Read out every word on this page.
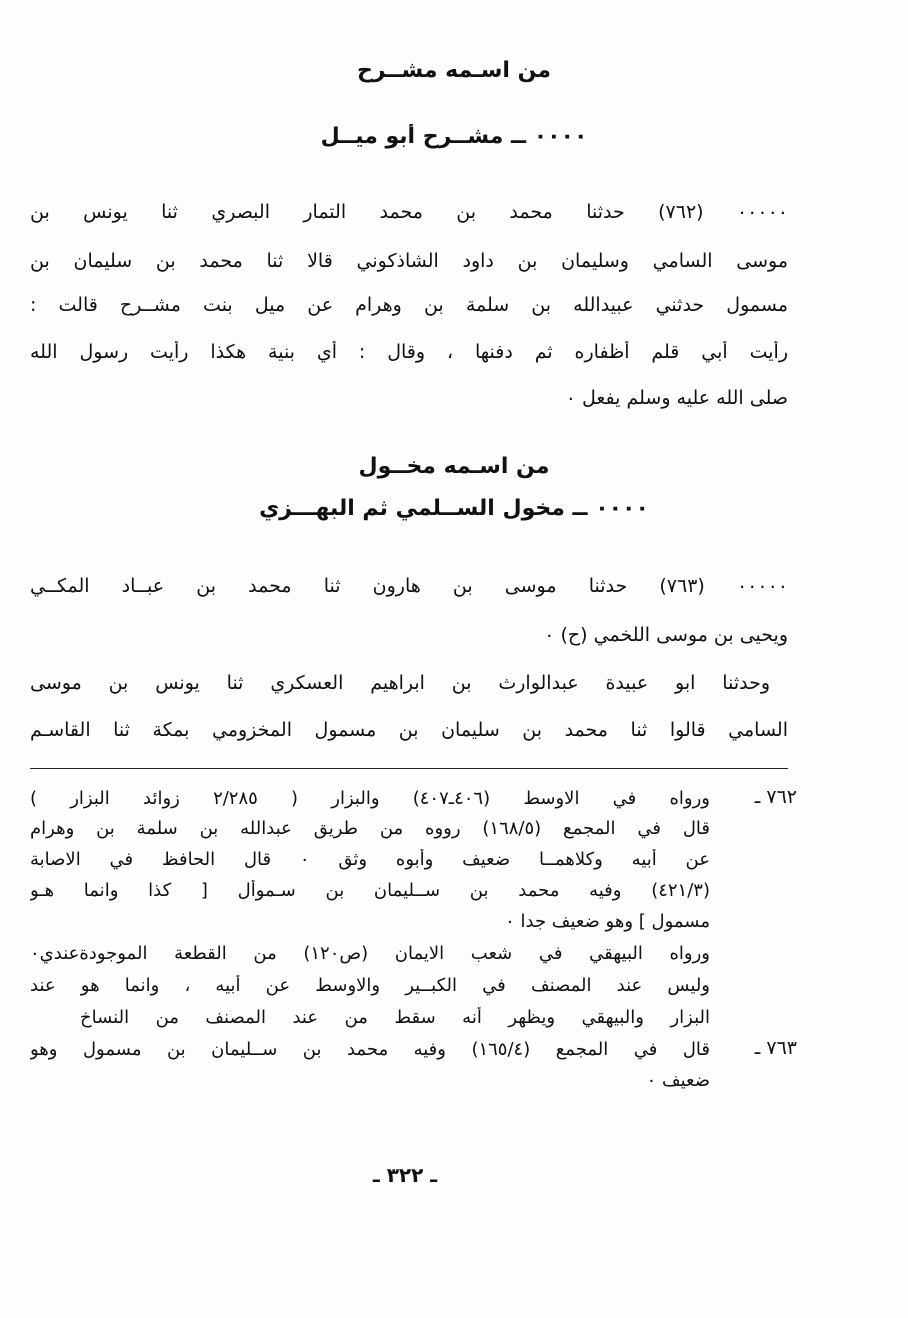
من اسـمه مشــرح
٠٠٠٠ ــ مشــرح أبو ميــل
٠٠٠٠٠ (٧٦٢) حدثنا محمد بن محمد التمار البصري ثنا يونس بن
موسى السامي وسليمان بن داود الشاذكوني قالا ثنا محمد بن سليمان بن
مسمول حدثني عبيدالله بن سلمة بن وهرام عن ميل بنت مشــرح قالت :
رأيت أبي قلم أظفاره ثم دفنها ، وقال : أي بنية هكذا رأيت رسول الله
صلى الله عليه وسلم يفعل ٠
من اسـمه مخــول
٠٠٠٠ ــ مخول الســلمي ثم البهـــزي
٠٠٠٠٠ (٧٦٣) حدثنا موسى بن هارون ثنا محمد بن عبــاد المكــي
ويحيى بن موسى اللخمي (ح) ٠
وحدثنا ابو عبيدة عبدالوارث بن ابراهيم العسكري ثنا يونس بن موسى
السامي قالوا ثنا محمد بن سليمان بن مسمول المخزومي بمكة ثنا القاسـم
٧٦٢ ـ
ورواه في الاوسط (٤٠٦ـ٤٠٧) والبزار ( ٢/٢٨٥ زوائد البزار )
قال في المجمع (١٦٨/٥) رووه من طريق عبدالله بن سلمة بن وهرام
عن أبيه وكلاهمــا ضعيف وأبوه وثق ٠ قال الحافظ في الاصابة
(٤٢١/٣) وفيه محمد بن ســليمان بن سـموأل [ كذا وانما هـو
مسمول ] وهو ضعيف جدا ٠
ورواه البيهقي في شعب الايمان (ص١٢٠) من القطعة الموجودةعندي٠
وليس عند المصنف في الكبــير والاوسط عن أبيه ، وانما هو عند
البزار والبيهقي ويظهر أنه سقط من عند المصنف من النساخ
٧٦٣ ـ
قال في المجمع (١٦٥/٤) وفيه محمد بن ســليمان بن مسمول وهو
ضعيف ٠
ـ ٣٢٢ ـ
